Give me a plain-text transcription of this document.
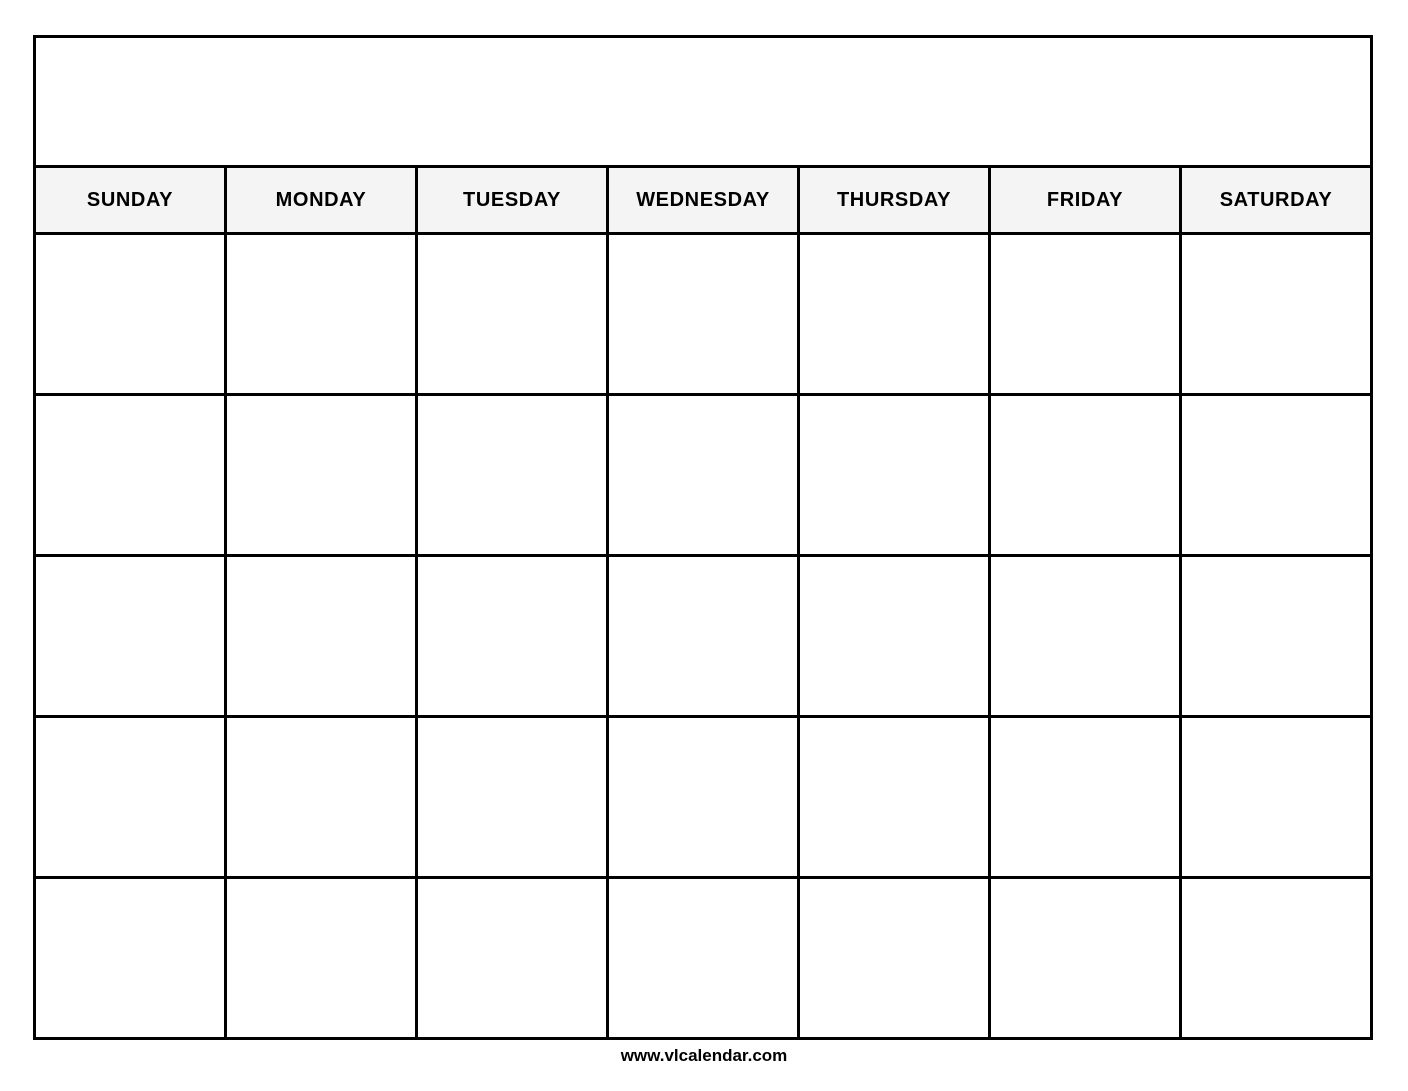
SUNDAY	MONDAY	TUESDAY	WEDNESDAY	THURSDAY	FRIDAY	SATURDAY
www.vlcalendar.com
